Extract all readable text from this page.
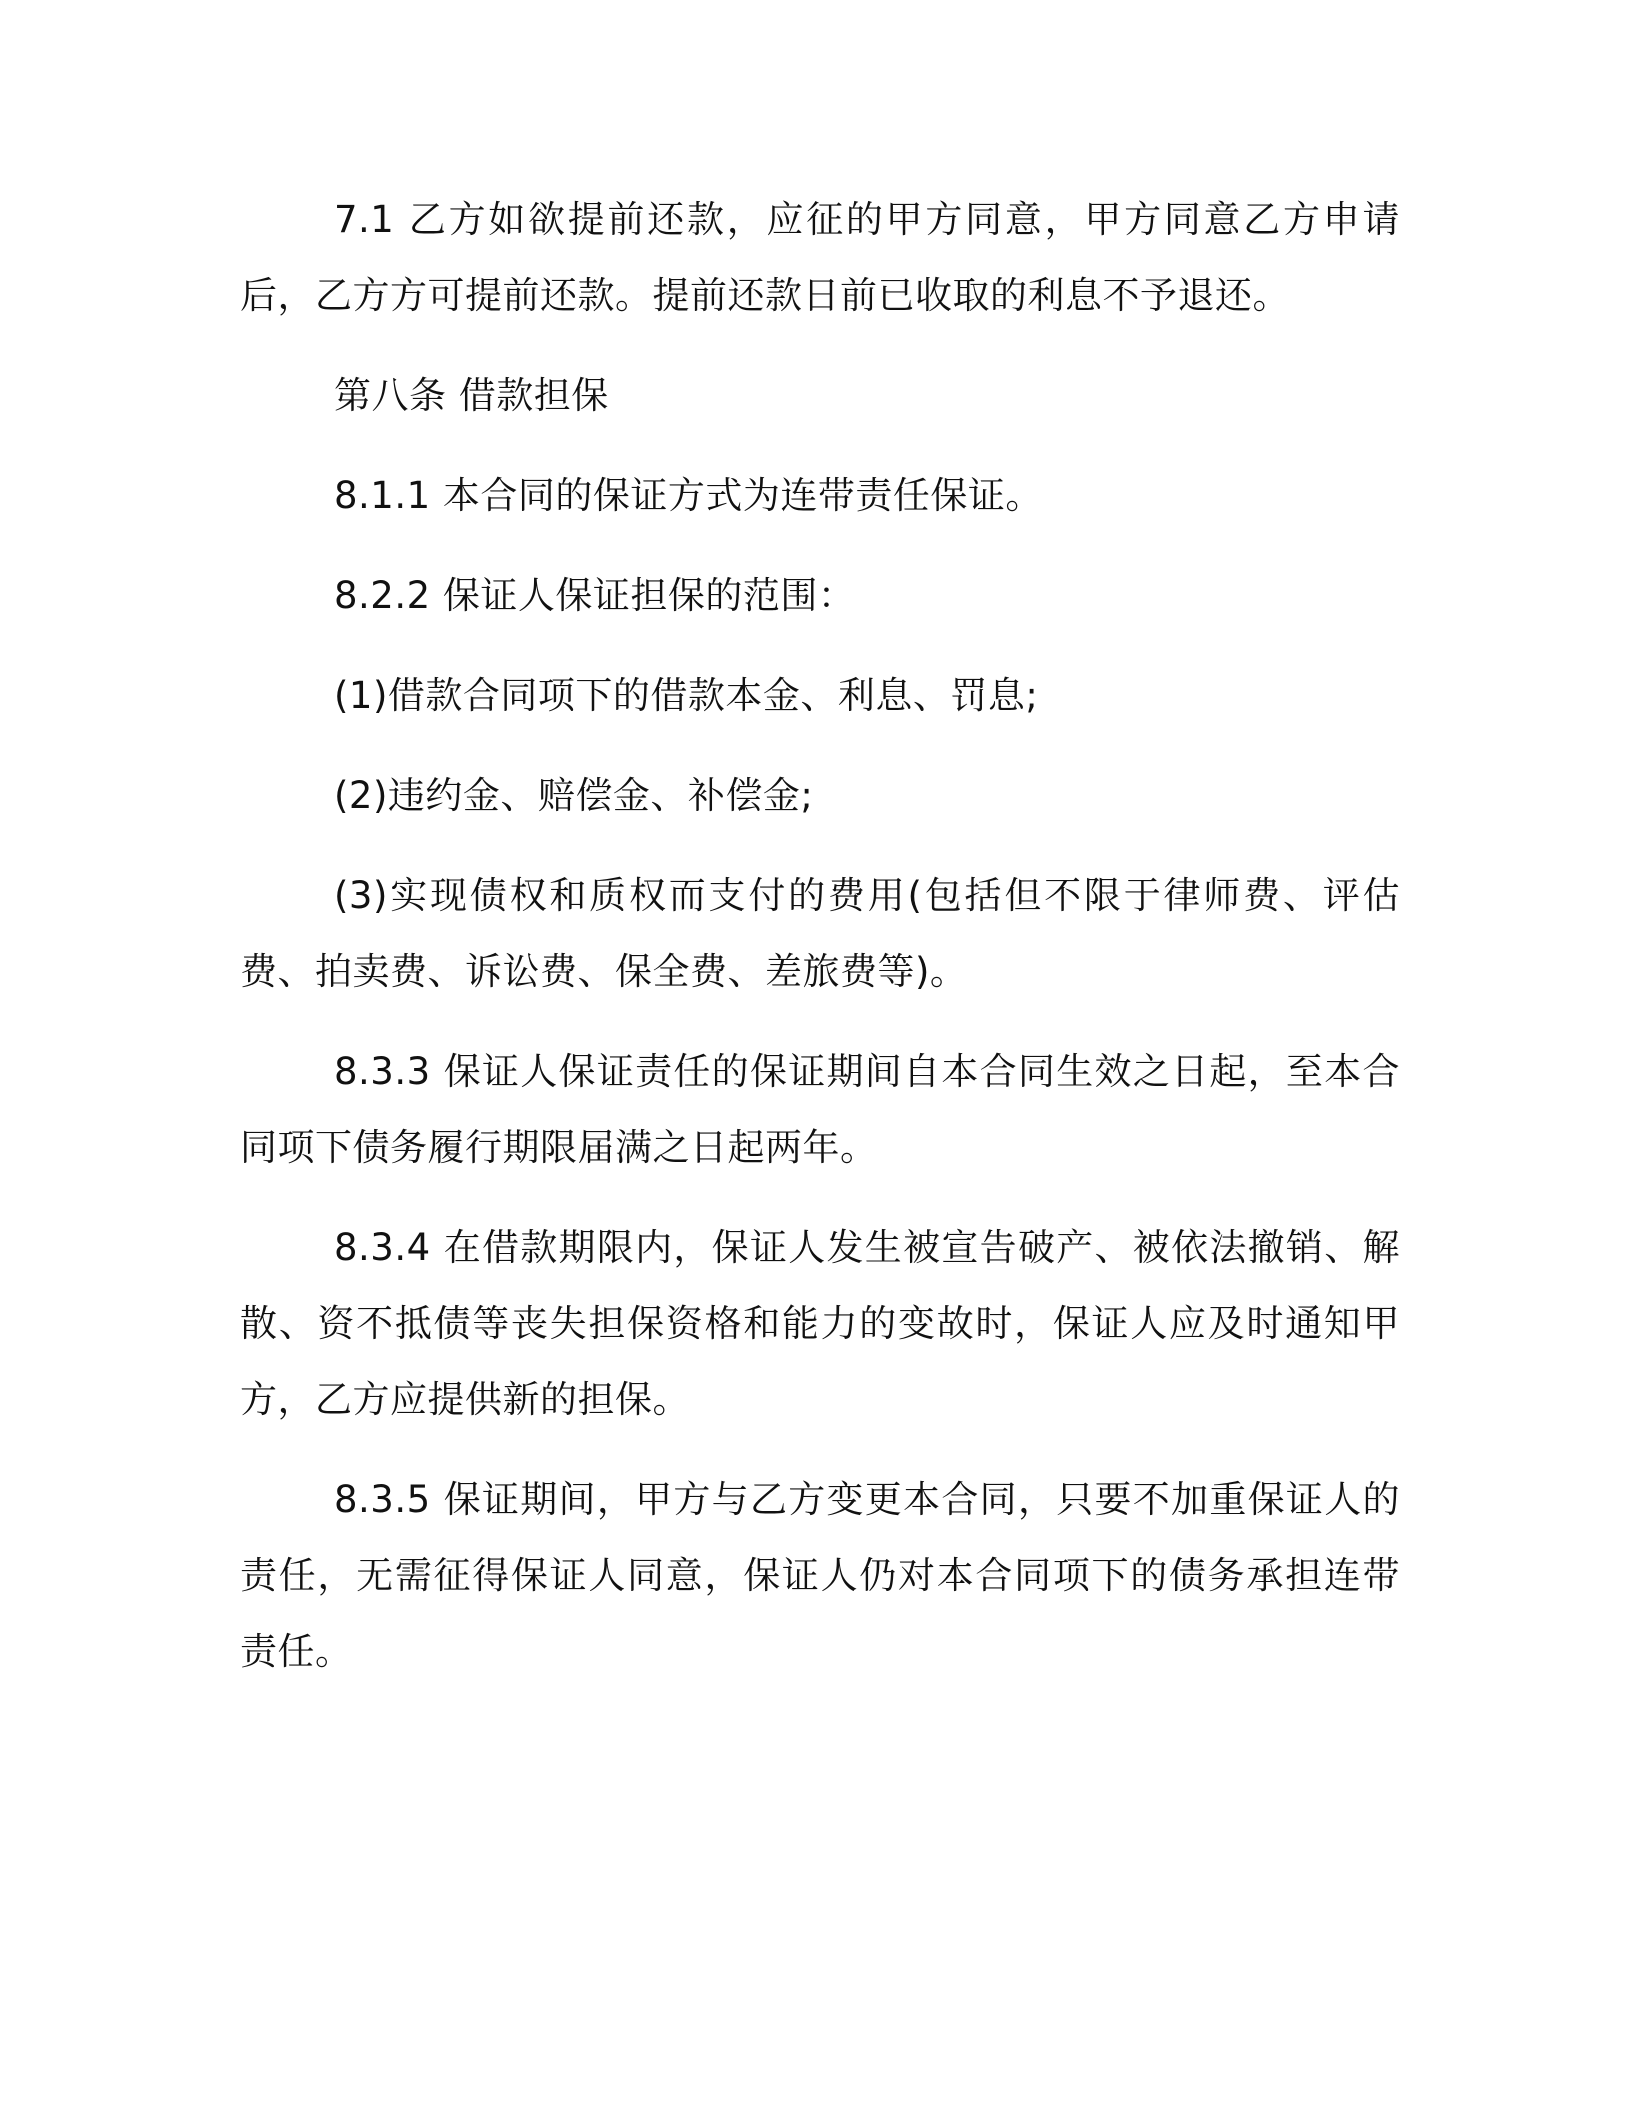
7.1 乙方如欲提前还款，应征的甲方同意，甲方同意乙方申请后，乙方方可提前还款。提前还款日前已收取的利息不予退还。

第八条 借款担保

8.1.1 本合同的保证方式为连带责任保证。

8.2.2 保证人保证担保的范围：

(1)借款合同项下的借款本金、利息、罚息;

(2)违约金、赔偿金、补偿金;

(3)实现债权和质权而支付的费用(包括但不限于律师费、评估费、拍卖费、诉讼费、保全费、差旅费等)。

8.3.3 保证人保证责任的保证期间自本合同生效之日起，至本合同项下债务履行期限届满之日起两年。

8.3.4 在借款期限内，保证人发生被宣告破产、被依法撤销、解散、资不抵债等丧失担保资格和能力的变故时，保证人应及时通知甲方，乙方应提供新的担保。

8.3.5 保证期间，甲方与乙方变更本合同，只要不加重保证人的责任，无需征得保证人同意，保证人仍对本合同项下的债务承担连带责任。
